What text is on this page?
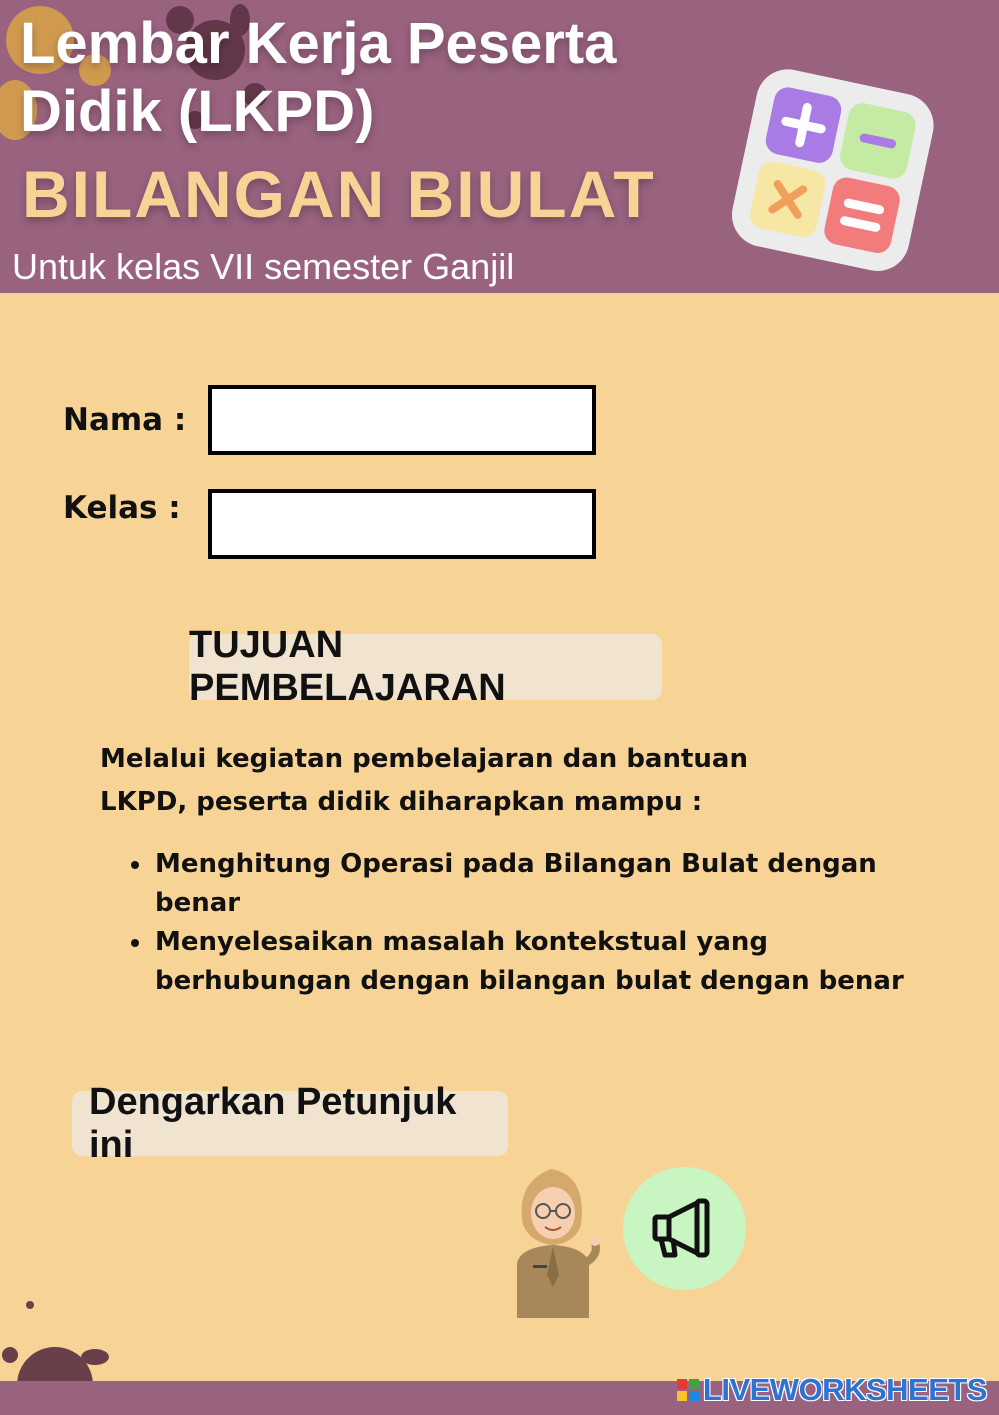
Lembar Kerja Peserta
Didik (LKPD)
BILANGAN BIULAT
Untuk kelas VII semester Ganjil
Nama :
Kelas :
TUJUAN PEMBELAJARAN
Melalui kegiatan pembelajaran dan bantuan
LKPD, peserta didik diharapkan mampu :
Menghitung Operasi pada Bilangan Bulat dengan benar
Menyelesaikan masalah kontekstual yang berhubungan dengan bilangan bulat dengan benar
Dengarkan Petunjuk ini
LIVEWORKSHEETS
